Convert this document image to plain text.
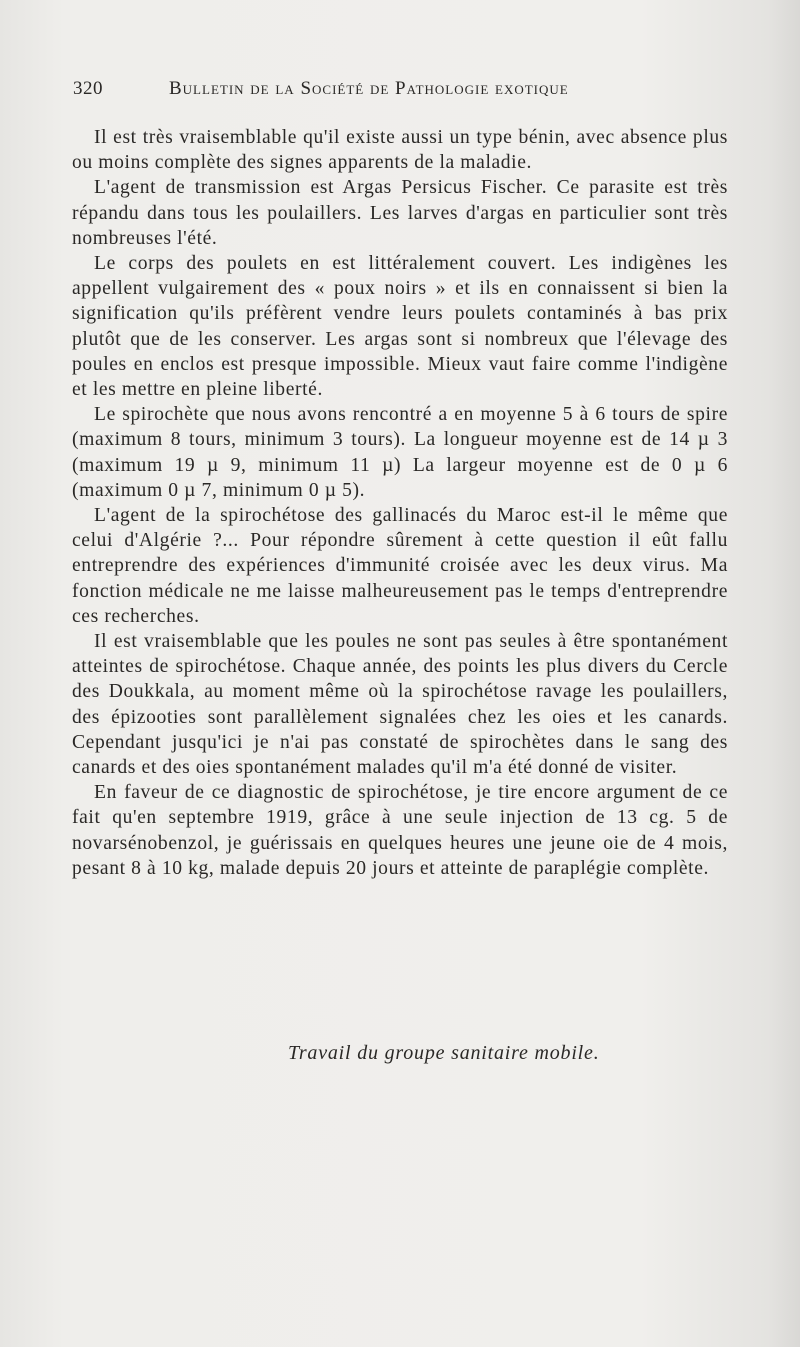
320	Bulletin de la Société de Pathologie exotique

Il est très vraisemblable qu'il existe aussi un type bénin, avec absence plus ou moins complète des signes apparents de la maladie.

L'agent de transmission est Argas Persicus Fischer. Ce parasite est très répandu dans tous les poulaillers. Les larves d'argas en particulier sont très nombreuses l'été.

Le corps des poulets en est littéralement couvert. Les indigènes les appellent vulgairement des « poux noirs » et ils en connaissent si bien la signification qu'ils préfèrent vendre leurs poulets contaminés à bas prix plutôt que de les conserver. Les argas sont si nombreux que l'élevage des poules en enclos est presque impossible. Mieux vaut faire comme l'indigène et les mettre en pleine liberté.

Le spirochète que nous avons rencontré a en moyenne 5 à 6 tours de spire (maximum 8 tours, minimum 3 tours). La longueur moyenne est de 14 µ 3 (maximum 19 µ 9, minimum 11 µ) La largeur moyenne est de 0 µ 6 (maximum 0 µ 7, minimum 0 µ 5).

L'agent de la spirochétose des gallinacés du Maroc est-il le même que celui d'Algérie ?... Pour répondre sûrement à cette question il eût fallu entreprendre des expériences d'immunité croisée avec les deux virus. Ma fonction médicale ne me laisse malheureusement pas le temps d'entreprendre ces recherches.

Il est vraisemblable que les poules ne sont pas seules à être spontanément atteintes de spirochétose. Chaque année, des points les plus divers du Cercle des Doukkala, au moment même où la spirochétose ravage les poulaillers, des épizooties sont parallèlement signalées chez les oies et les canards. Cependant jusqu'ici je n'ai pas constaté de spirochètes dans le sang des canards et des oies spontanément malades qu'il m'a été donné de visiter.

En faveur de ce diagnostic de spirochétose, je tire encore argument de ce fait qu'en septembre 1919, grâce à une seule injection de 13 cg. 5 de novarsénobenzol, je guérissais en quelques heures une jeune oie de 4 mois, pesant 8 à 10 kg, malade depuis 20 jours et atteinte de paraplégie complète.

Travail du groupe sanitaire mobile.
